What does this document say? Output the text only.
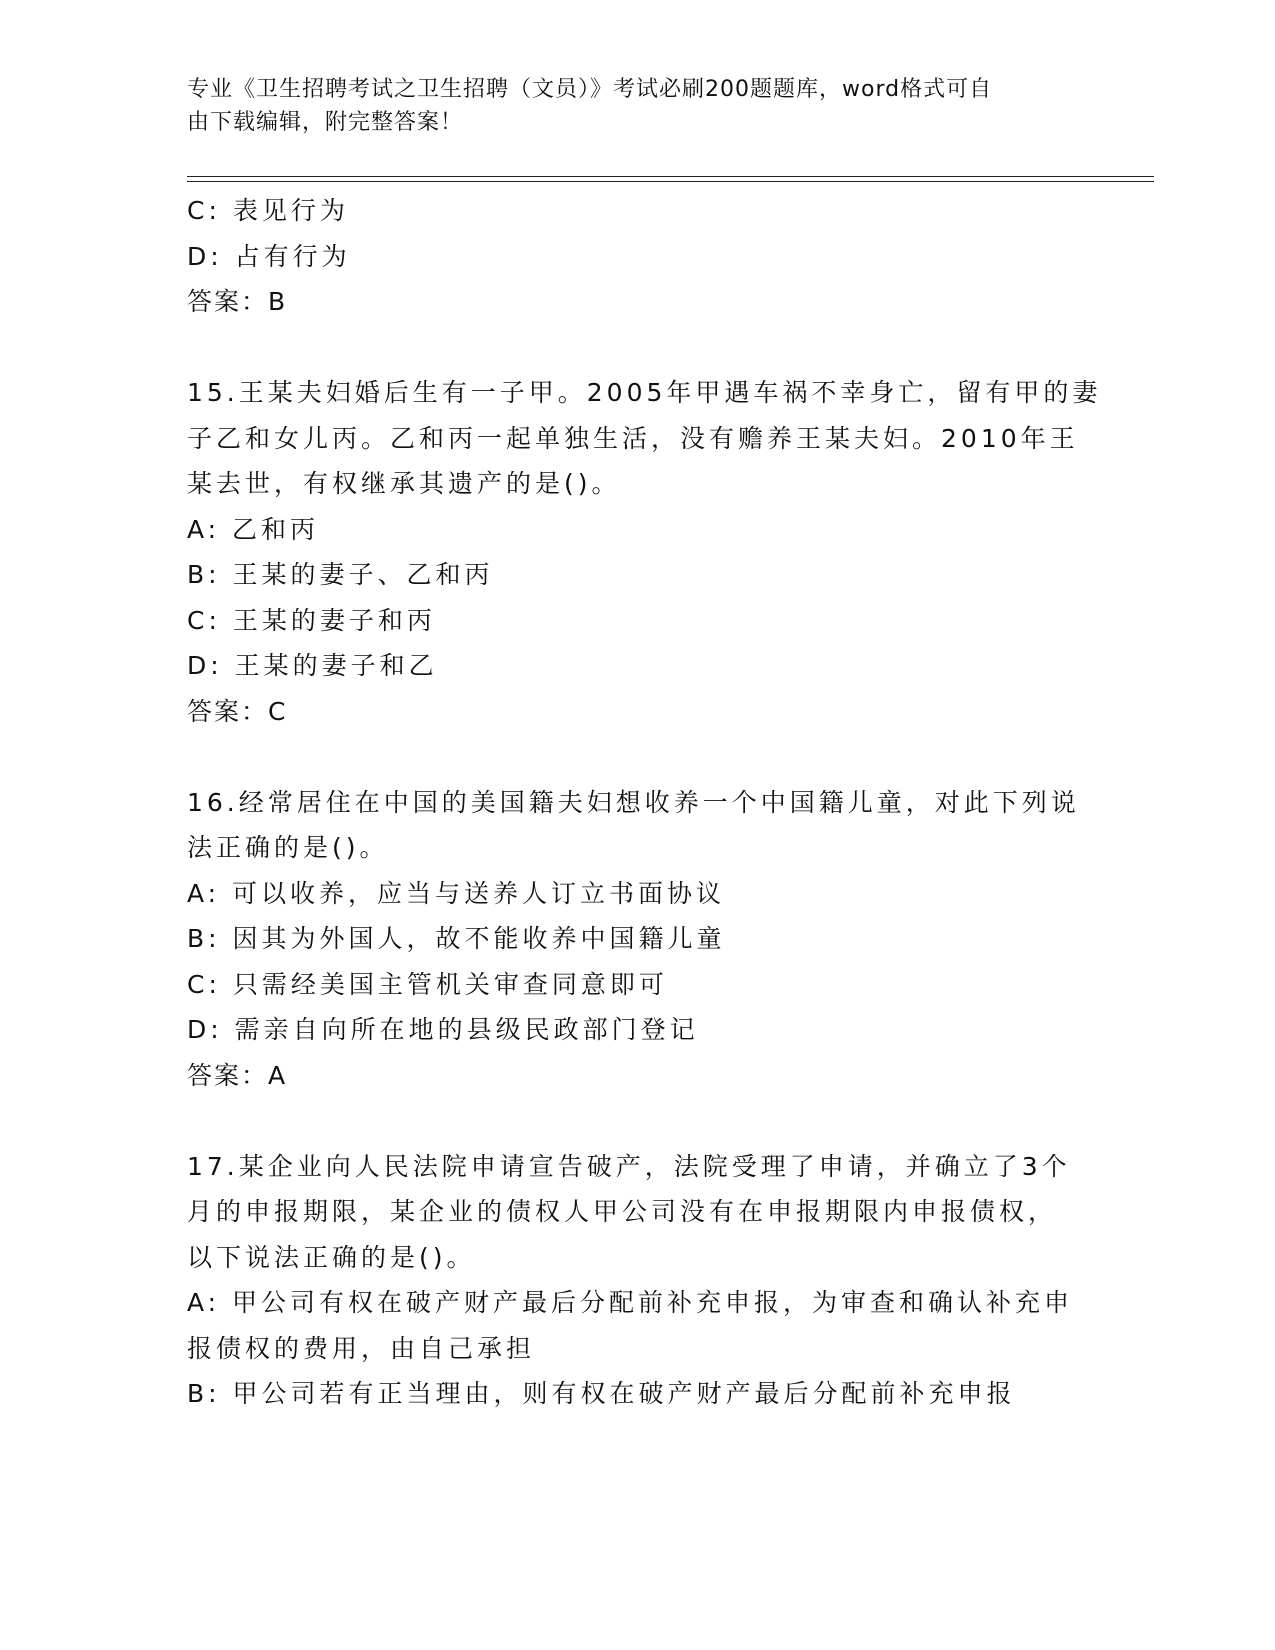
专业《卫生招聘考试之卫生招聘（文员）》考试必刷200题题库，word格式可自
由下载编辑，附完整答案！
C: 表见行为
D: 占有行为
答案：B
15.王某夫妇婚后生有一子甲。2005年甲遇车祸不幸身亡，留有甲的妻
子乙和女儿丙。乙和丙一起单独生活，没有赡养王某夫妇。2010年王
某去世，有权继承其遗产的是()。
A: 乙和丙
B: 王某的妻子、乙和丙
C: 王某的妻子和丙
D: 王某的妻子和乙
答案：C
16.经常居住在中国的美国籍夫妇想收养一个中国籍儿童，对此下列说
法正确的是()。
A: 可以收养，应当与送养人订立书面协议
B: 因其为外国人，故不能收养中国籍儿童
C: 只需经美国主管机关审查同意即可
D: 需亲自向所在地的县级民政部门登记
答案：A
17.某企业向人民法院申请宣告破产，法院受理了申请，并确立了3个
月的申报期限，某企业的债权人甲公司没有在申报期限内申报债权，
以下说法正确的是()。
A: 甲公司有权在破产财产最后分配前补充申报，为审查和确认补充申
报债权的费用，由自己承担
B: 甲公司若有正当理由，则有权在破产财产最后分配前补充申报
